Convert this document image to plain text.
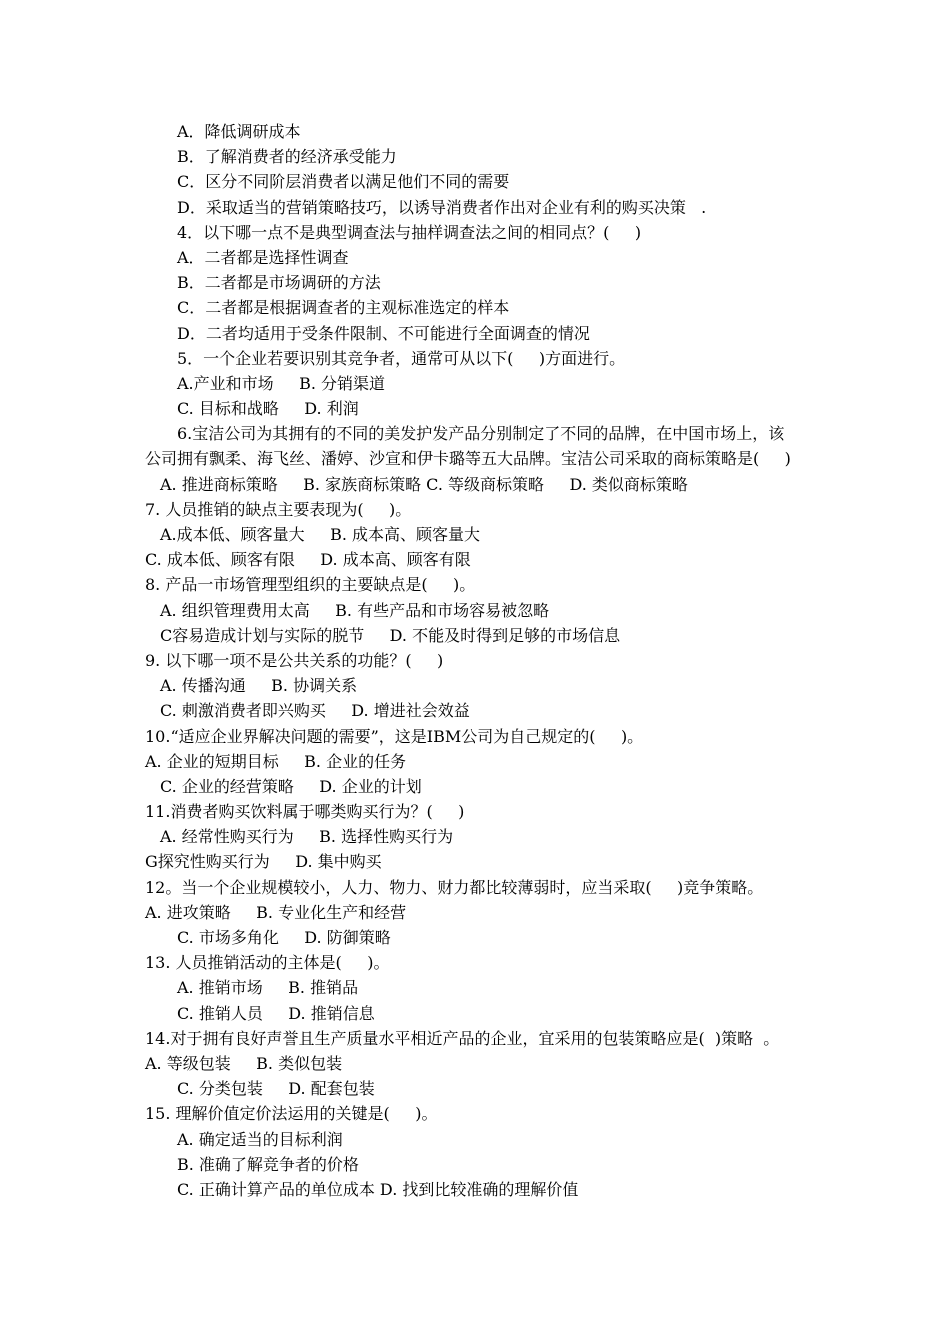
A．降低调研成本
B．了解消费者的经济承受能力
C．区分不同阶层消费者以满足他们不同的需要
D．采取适当的营销策略技巧，以诱导消费者作出对企业有利的购买决策   .
4．以下哪一点不是典型调查法与抽样调查法之间的相同点？(     )
A．二者都是选择性调查
B．二者都是市场调研的方法
C．二者都是根据调查者的主观标准选定的样本
D．二者均适用于受条件限制、不可能进行全面调查的情况
5．一个企业若要识别其竞争者，通常可从以下(     )方面进行。
A.产业和市场     B. 分销渠道
C. 目标和战略     D. 利润
6.宝洁公司为其拥有的不同的美发护发产品分别制定了不同的品牌，在中国市场上，该
公司拥有飘柔、海飞丝、潘婷、沙宣和伊卡璐等五大品牌。宝洁公司采取的商标策略是(     )
A. 推进商标策略     B. 家族商标策略 C. 等级商标策略     D. 类似商标策略
7. 人员推销的缺点主要表现为(     )。
A.成本低、顾客量大     B. 成本高、顾客量大
C. 成本低、顾客有限     D. 成本高、顾客有限
8. 产品一市场管理型组织的主要缺点是(     )。
A. 组织管理费用太高     B. 有些产品和市场容易被忽略
C容易造成计划与实际的脱节     D. 不能及时得到足够的市场信息
9. 以下哪一项不是公共关系的功能？(     )
A. 传播沟通     B. 协调关系
C. 刺激消费者即兴购买     D. 增进社会效益
10.“适应企业界解决问题的需要”，这是IBM公司为自己规定的(     )。
A. 企业的短期目标     B. 企业的任务
C. 企业的经营策略     D. 企业的计划
11.消费者购买饮料属于哪类购买行为？(     )
A. 经常性购买行为     B. 选择性购买行为
G探究性购买行为     D. 集中购买
12。当一个企业规模较小，人力、物力、财力都比较薄弱时，应当采取(     )竞争策略。
A. 进攻策略     B. 专业化生产和经营
C. 市场多角化     D. 防御策略
13. 人员推销活动的主体是(     )。
A. 推销市场     B. 推销品
C. 推销人员     D. 推销信息
14.对于拥有良好声誉且生产质量水平相近产品的企业，宜采用的包装策略应是(  )策略  。
A. 等级包装     B. 类似包装
C. 分类包装     D. 配套包装
15. 理解价值定价法运用的关键是(     )。
A. 确定适当的目标利润
B. 准确了解竞争者的价格
C. 正确计算产品的单位成本 D. 找到比较准确的理解价值
